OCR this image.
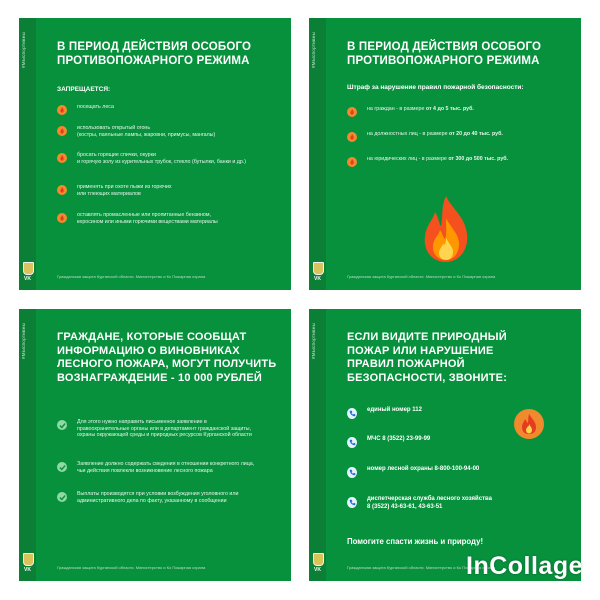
#МЫспортивны
VK
В ПЕРИОД ДЕЙСТВИЯ ОСОБОГО ПРОТИВОПОЖАРНОГО РЕЖИМА
ЗАПРЕЩАЕТСЯ:
посещать леса
использовать открытый огонь
(костры, паяльные лампы, жаровни, примусы, мангалы)
бросать горящие спички, окурки
и горячую золу из курительных трубок, стекло (бутылки, банки и др.)
применять при охоте пыжи из горючих
или тлеющих материалов
оставлять промасленные или пропитанные бензином,
керосином или иными горючими веществами материалы
Гражданская защита Курганской области. Министерство и Ко Пожарная охрана
#МЫспортивны
VK
В ПЕРИОД ДЕЙСТВИЯ ОСОБОГО ПРОТИВОПОЖАРНОГО РЕЖИМА
Штраф за нарушение правил пожарной безопасности:
на граждан - в размере от 4 до 5 тыс. руб.
на должностных лиц - в размере от 20 до 40 тыс. руб.
на юридических лиц - в размере от 300 до 500 тыс. руб.
Гражданская защита Курганской области. Министерство и Ко Пожарная охрана
#МЫспортивны
VK
ГРАЖДАНЕ, КОТОРЫЕ СООБЩАТ ИНФОРМАЦИЮ О ВИНОВНИКАХ ЛЕСНОГО ПОЖАРА, МОГУТ ПОЛУЧИТЬ ВОЗНАГРАЖДЕНИЕ - 10 000 РУБЛЕЙ
Для этого нужно направить письменное заявление в правоохранительные органы или в департамент гражданской защиты, охраны окружающей среды и природных ресурсов Курганской области
Заявление должно содержать сведения в отношении конкретного лица, чьи действия повлекли возникновение лесного пожара
Выплаты производятся при условии возбуждения уголовного или административного дела по факту, указанному в сообщении
Гражданская защита Курганской области. Министерство и Ко Пожарная охрана
#МЫспортивны
VK
ЕСЛИ ВИДИТЕ ПРИРОДНЫЙ ПОЖАР ИЛИ НАРУШЕНИЕ ПРАВИЛ ПОЖАРНОЙ БЕЗОПАСНОСТИ, ЗВОНИТЕ:
единый номер 112
МЧС 8 (3522) 23-99-99
номер лесной охраны 8-800-100-94-00
диспетчерская служба лесного хозяйства
8 (3522) 43-63-61, 43-63-51
Помогите спасти жизнь и природу!
Гражданская защита Курганской области. Министерство и Ко Пожарная охрана
InCollage
